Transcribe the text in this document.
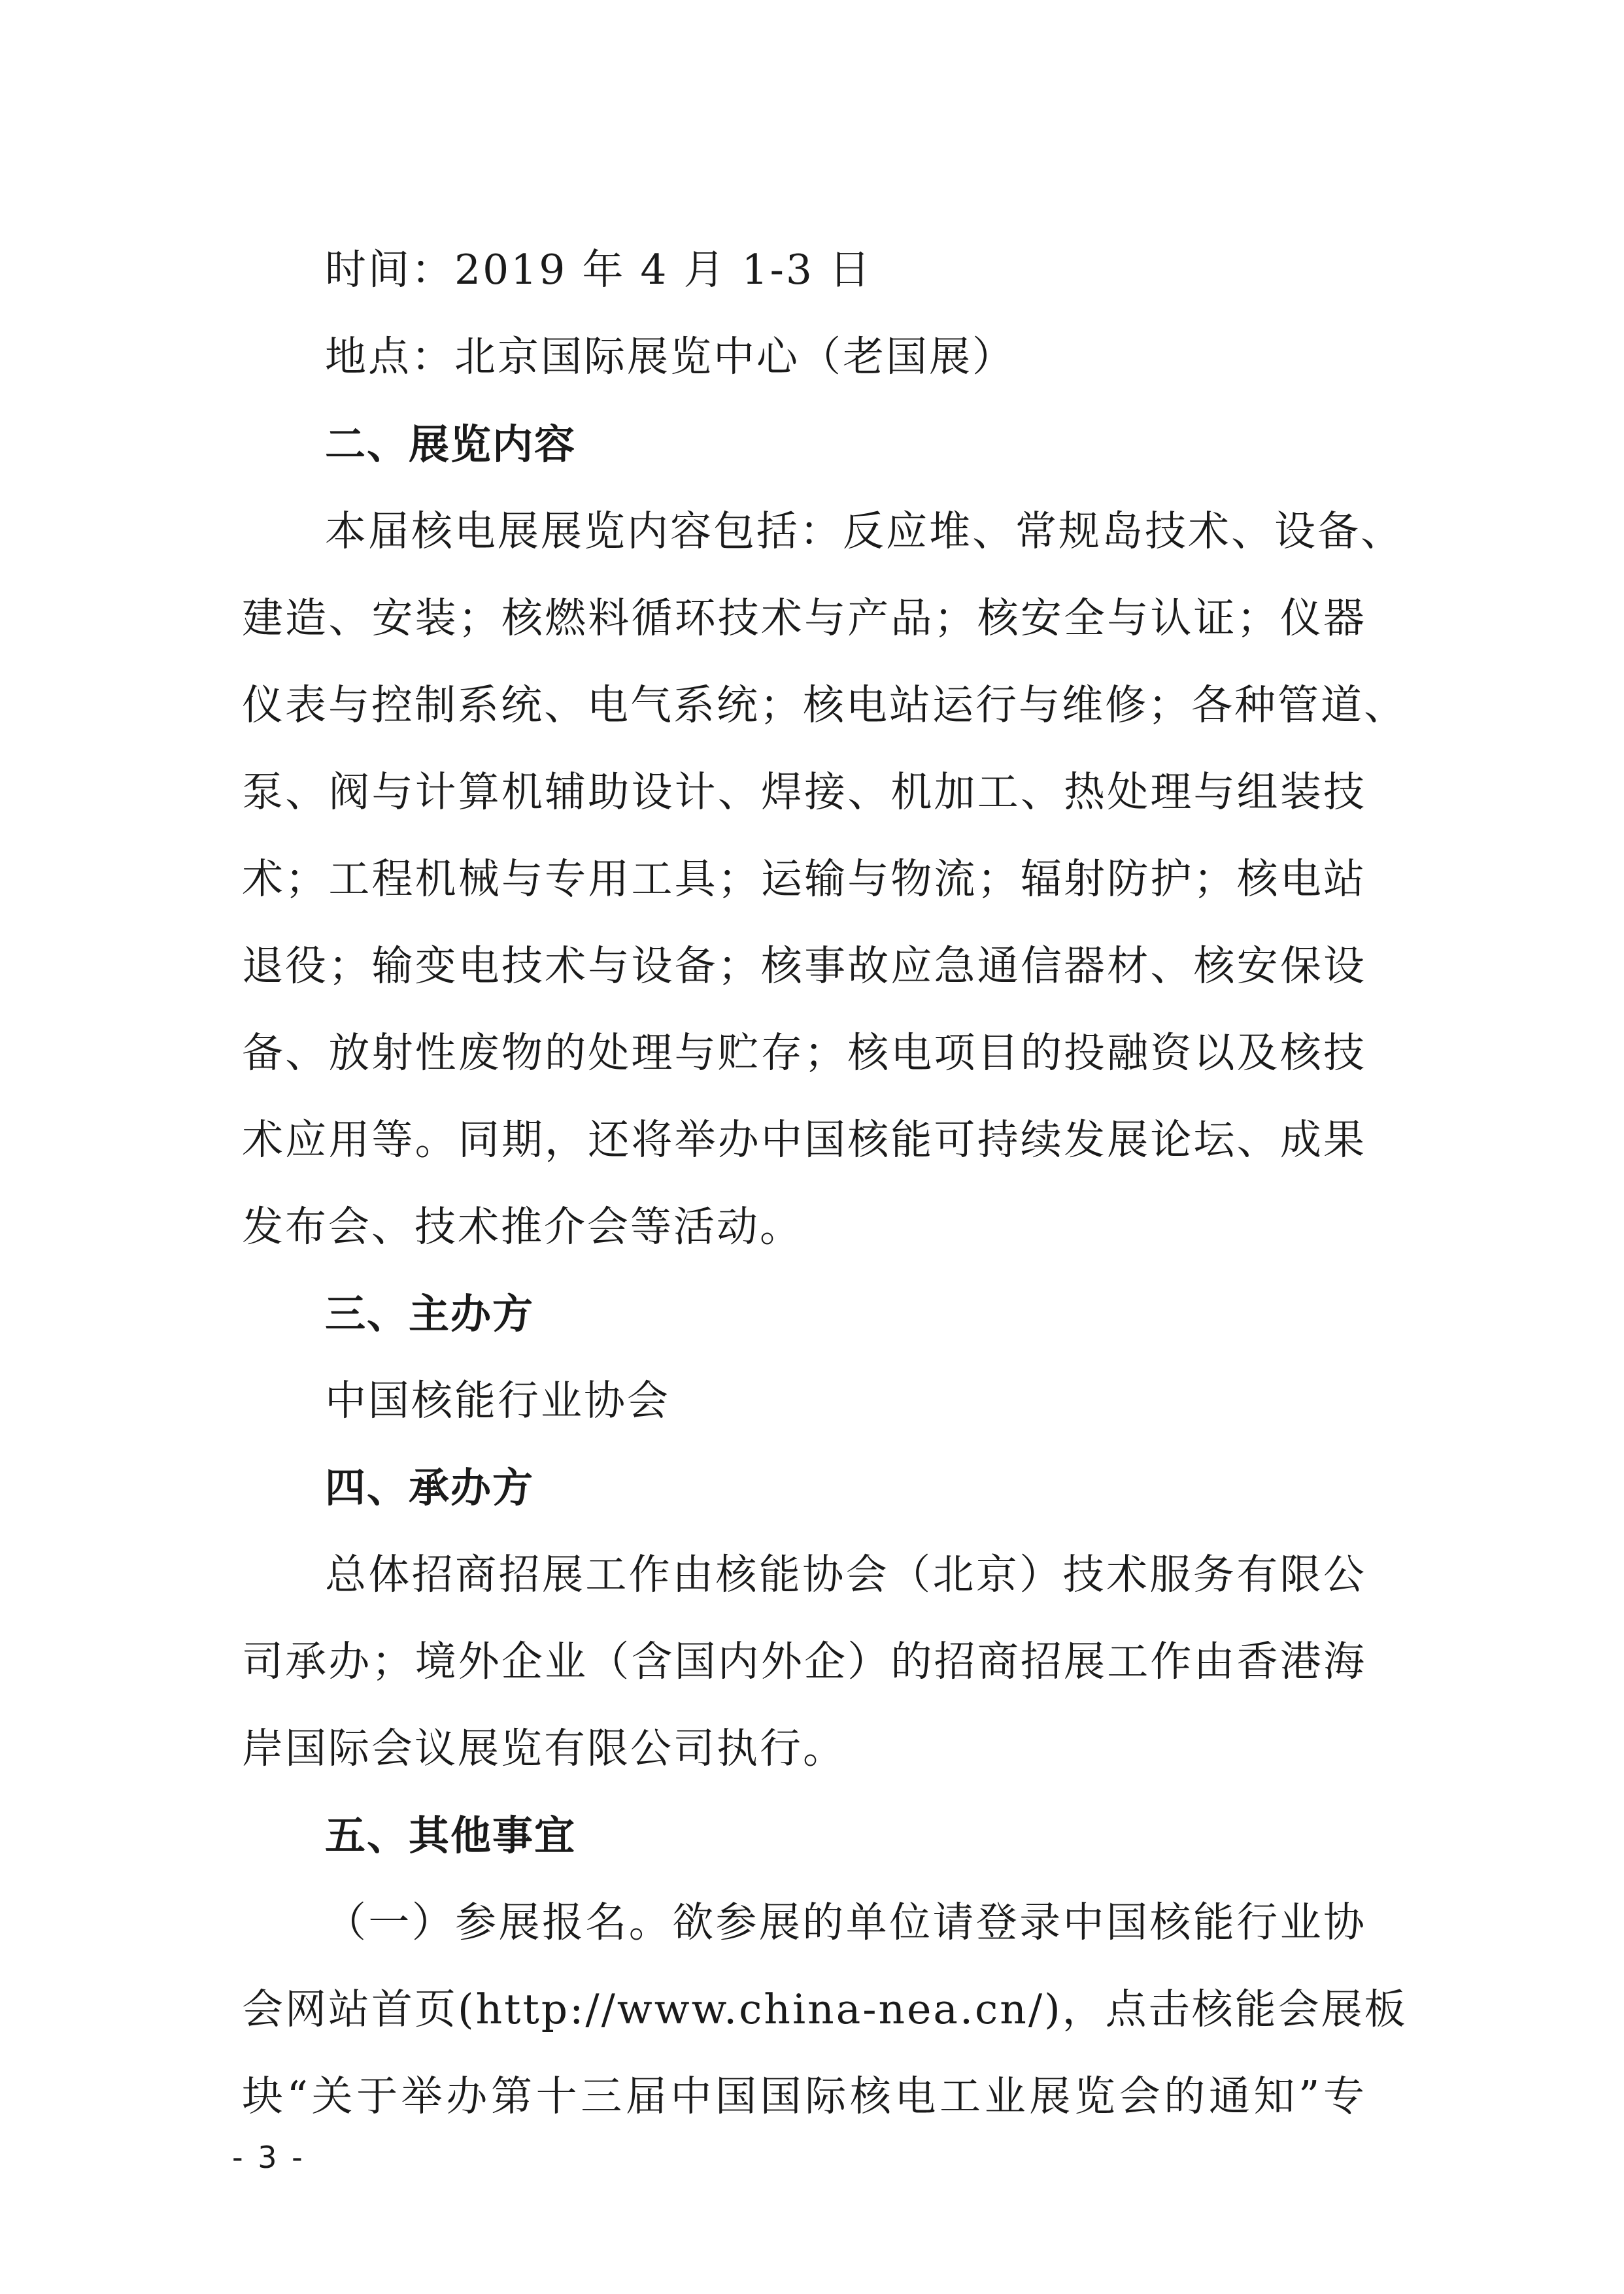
时间：2019 年 4 月 1-3 日
地点：北京国际展览中心（老国展）
二、展览内容
本届核电展展览内容包括：反应堆、常规岛技术、设备、
建造、安装；核燃料循环技术与产品；核安全与认证；仪器
仪表与控制系统、电气系统；核电站运行与维修；各种管道、
泵、阀与计算机辅助设计、焊接、机加工、热处理与组装技
术；工程机械与专用工具；运输与物流；辐射防护；核电站
退役；输变电技术与设备；核事故应急通信器材、核安保设
备、放射性废物的处理与贮存；核电项目的投融资以及核技
术应用等。同期，还将举办中国核能可持续发展论坛、成果
发布会、技术推介会等活动。
三、主办方
中国核能行业协会
四、承办方
总体招商招展工作由核能协会（北京）技术服务有限公
司承办；境外企业（含国内外企）的招商招展工作由香港海
岸国际会议展览有限公司执行。
五、其他事宜
（一）参展报名。欲参展的单位请登录中国核能行业协
会网站首页(http://www.china-nea.cn/)，点击核能会展板
块“关于举办第十三届中国国际核电工业展览会的通知”专
- 3 -
